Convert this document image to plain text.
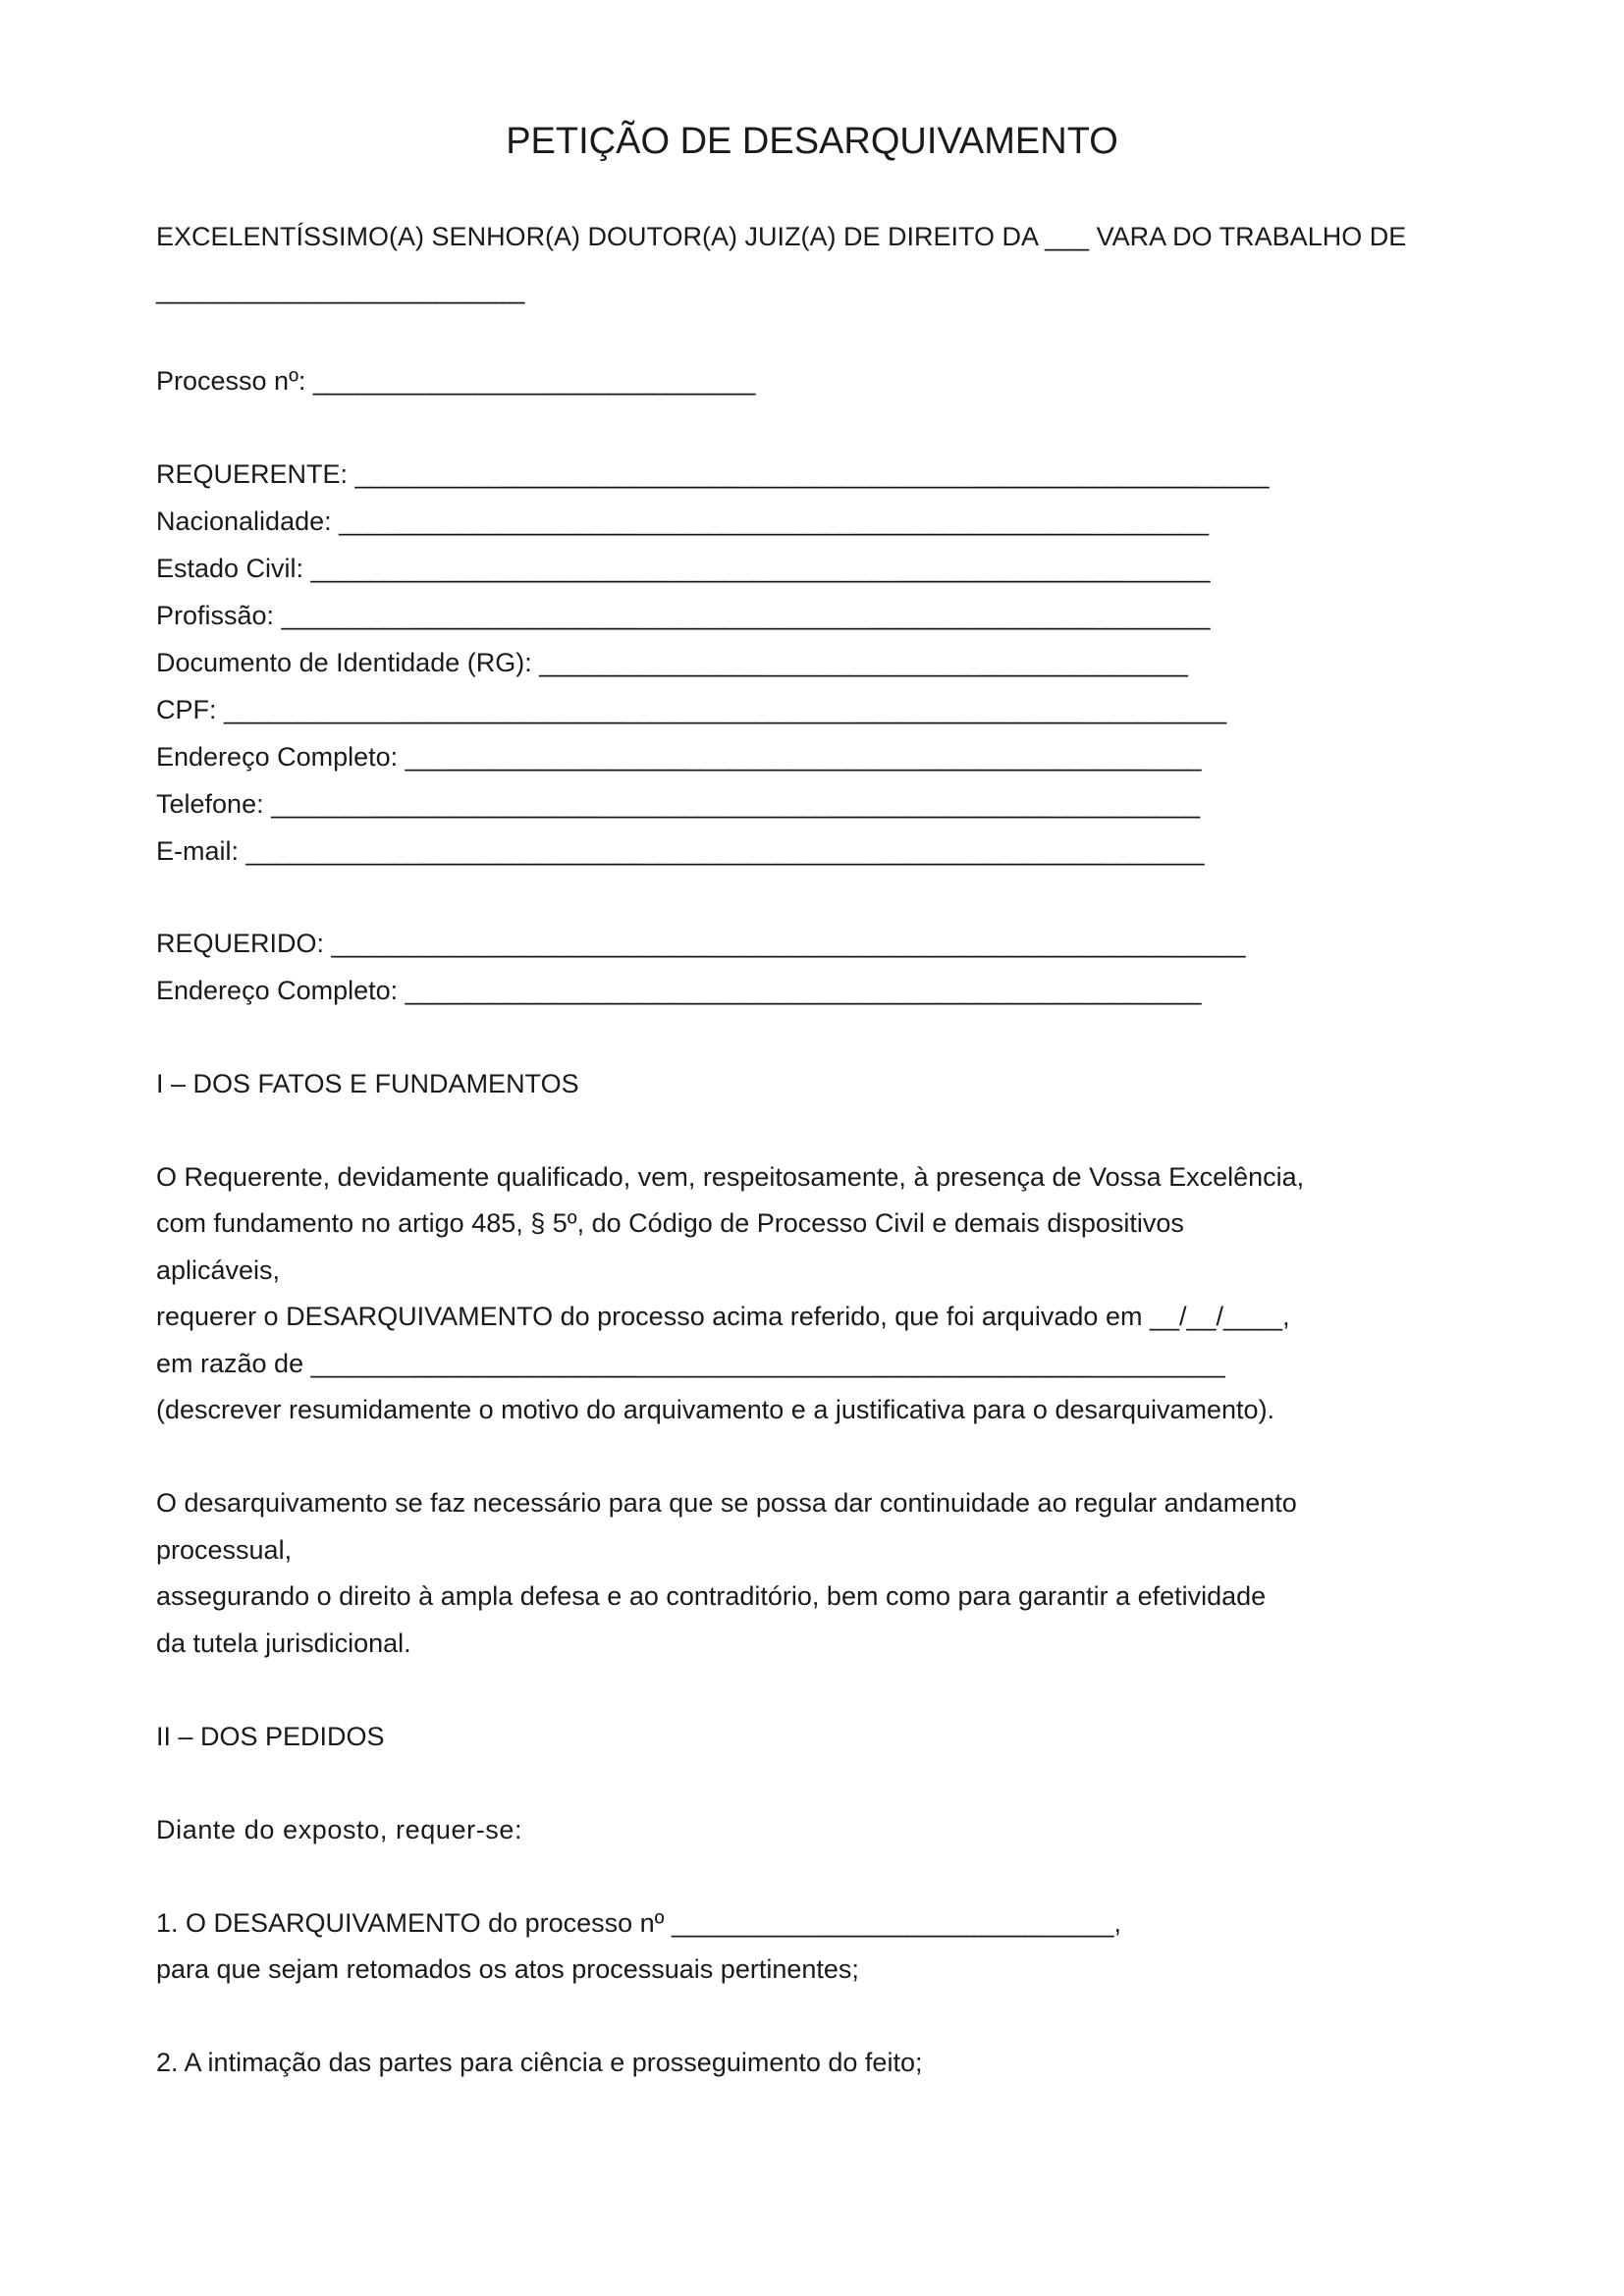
PETIÇÃO DE DESARQUIVAMENTO
EXCELENTÍSSIMO(A) SENHOR(A) DOUTOR(A) JUIZ(A) DE DIREITO DA ___ VARA DO TRABALHO DE
_________________________
Processo nº: ______________________________
REQUERENTE: ______________________________________________________________
Nacionalidade: ___________________________________________________________
Estado Civil: _____________________________________________________________
Profissão: _______________________________________________________________
Documento de Identidade (RG): ____________________________________________
CPF: ____________________________________________________________________
Endereço Completo: ______________________________________________________
Telefone: _______________________________________________________________
E-mail: _________________________________________________________________
REQUERIDO: ______________________________________________________________
Endereço Completo: ______________________________________________________
I – DOS FATOS E FUNDAMENTOS
O Requerente, devidamente qualificado, vem, respeitosamente, à presença de Vossa Excelência,
com fundamento no artigo 485, § 5º, do Código de Processo Civil e demais dispositivos
aplicáveis,
requerer o DESARQUIVAMENTO do processo acima referido, que foi arquivado em __/__/____,
em razão de ______________________________________________________________
(descrever resumidamente o motivo do arquivamento e a justificativa para o desarquivamento).
O desarquivamento se faz necessário para que se possa dar continuidade ao regular andamento
processual,
assegurando o direito à ampla defesa e ao contraditório, bem como para garantir a efetividade
da tutela jurisdicional.
II – DOS PEDIDOS
Diante do exposto, requer-se:
1. O DESARQUIVAMENTO do processo nº ______________________________,
para que sejam retomados os atos processuais pertinentes;
2. A intimação das partes para ciência e prosseguimento do feito;
